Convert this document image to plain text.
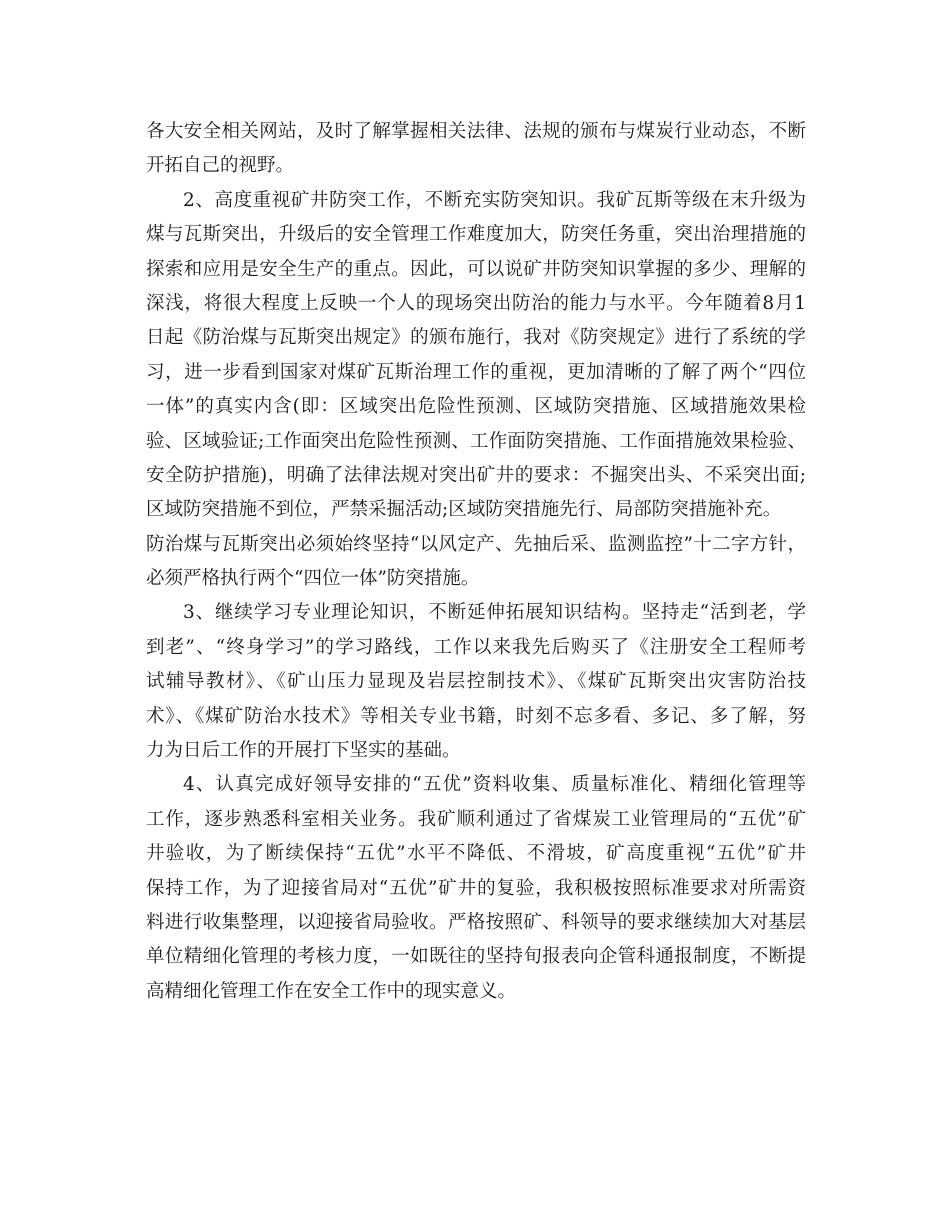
各大安全相关网站，及时了解掌握相关法律、法规的颁布与煤炭行业动态，不断
开拓自己的视野。
2、高度重视矿井防突工作，不断充实防突知识。我矿瓦斯等级在末升级为
煤与瓦斯突出，升级后的安全管理工作难度加大，防突任务重，突出治理措施的
探索和应用是安全生产的重点。因此，可以说矿井防突知识掌握的多少、理解的
深浅，将很大程度上反映一个人的现场突出防治的能力与水平。今年随着8月1
日起《防治煤与瓦斯突出规定》的颁布施行，我对《防突规定》进行了系统的学
习，进一步看到国家对煤矿瓦斯治理工作的重视，更加清晰的了解了两个“四位
一体”的真实内含(即：区域突出危险性预测、区域防突措施、区域措施效果检
验、区域验证;工作面突出危险性预测、工作面防突措施、工作面措施效果检验、
安全防护措施)，明确了法律法规对突出矿井的要求：不掘突出头、不采突出面;
区域防突措施不到位，严禁采掘活动;区域防突措施先行、局部防突措施补充。
防治煤与瓦斯突出必须始终坚持“以风定产、先抽后采、监测监控”十二字方针，
必须严格执行两个“四位一体”防突措施。
3、继续学习专业理论知识，不断延伸拓展知识结构。坚持走“活到老，学
到老”、“终身学习”的学习路线，工作以来我先后购买了《注册安全工程师考
试辅导教材》、《矿山压力显现及岩层控制技术》、《煤矿瓦斯突出灾害防治技
术》、《煤矿防治水技术》等相关专业书籍，时刻不忘多看、多记、多了解，努
力为日后工作的开展打下坚实的基础。
4、认真完成好领导安排的“五优”资料收集、质量标准化、精细化管理等
工作，逐步熟悉科室相关业务。我矿顺利通过了省煤炭工业管理局的“五优”矿
井验收，为了断续保持“五优”水平不降低、不滑坡，矿高度重视“五优”矿井
保持工作，为了迎接省局对“五优”矿井的复验，我积极按照标准要求对所需资
料进行收集整理，以迎接省局验收。严格按照矿、科领导的要求继续加大对基层
单位精细化管理的考核力度，一如既往的坚持旬报表向企管科通报制度，不断提
高精细化管理工作在安全工作中的现实意义。
